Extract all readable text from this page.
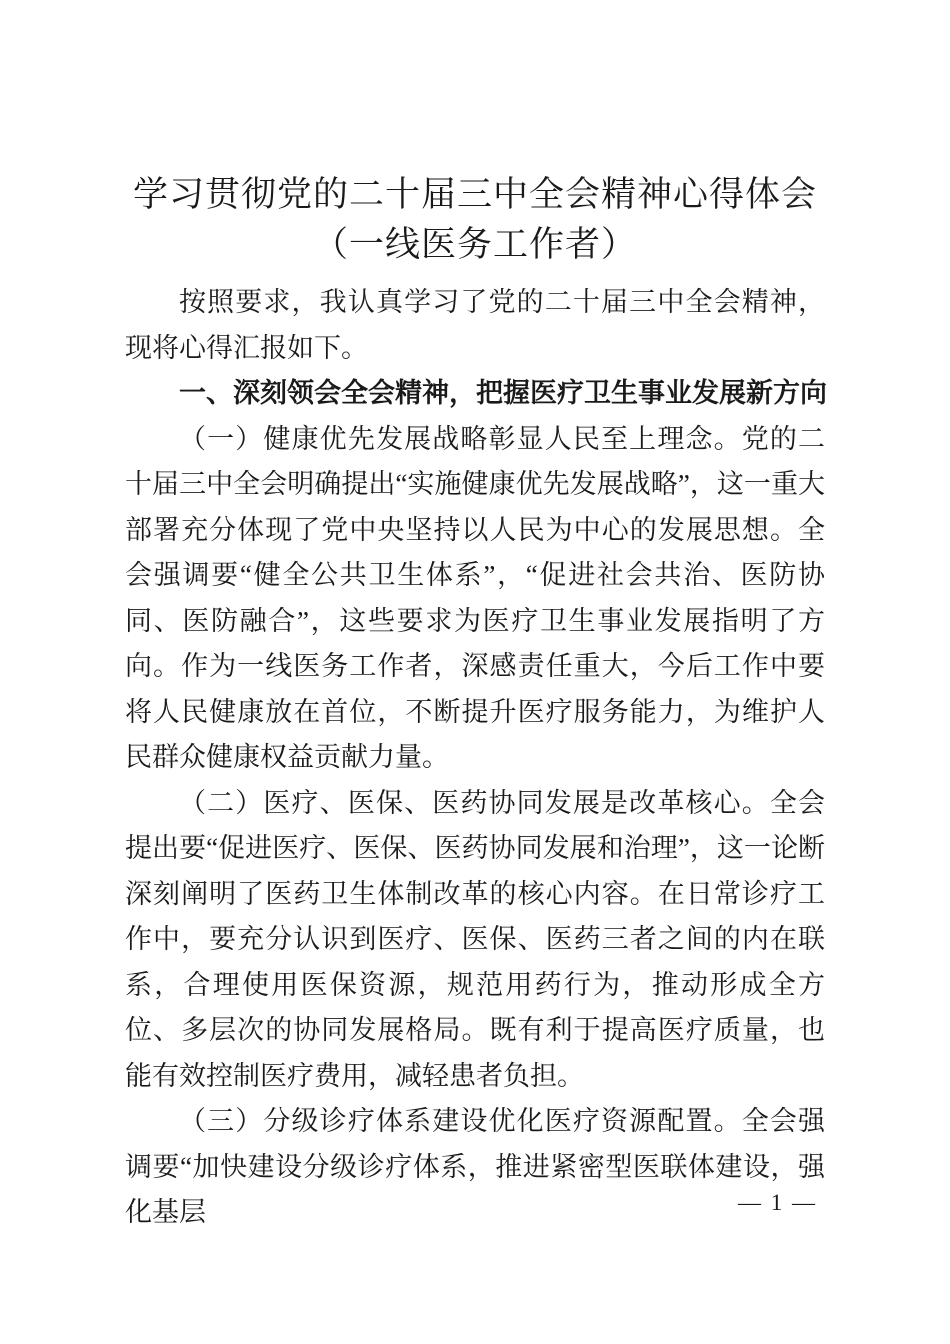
学习贯彻党的二十届三中全会精神心得体会
（一线医务工作者）

按照要求，我认真学习了党的二十届三中全会精神，现将心得汇报如下。

一、深刻领会全会精神，把握医疗卫生事业发展新方向

（一）健康优先发展战略彰显人民至上理念。党的二十届三中全会明确提出“实施健康优先发展战略”，这一重大部署充分体现了党中央坚持以人民为中心的发展思想。全会强调要“健全公共卫生体系”，“促进社会共治、医防协同、医防融合”，这些要求为医疗卫生事业发展指明了方向。作为一线医务工作者，深感责任重大，今后工作中要将人民健康放在首位，不断提升医疗服务能力，为维护人民群众健康权益贡献力量。

（二）医疗、医保、医药协同发展是改革核心。全会提出要“促进医疗、医保、医药协同发展和治理”，这一论断深刻阐明了医药卫生体制改革的核心内容。在日常诊疗工作中，要充分认识到医疗、医保、医药三者之间的内在联系，合理使用医保资源，规范用药行为，推动形成全方位、多层次的协同发展格局。既有利于提高医疗质量，也能有效控制医疗费用，减轻患者负担。

（三）分级诊疗体系建设优化医疗资源配置。全会强调要“加快建设分级诊疗体系，推进紧密型医联体建设，强化基层	— 1 —
